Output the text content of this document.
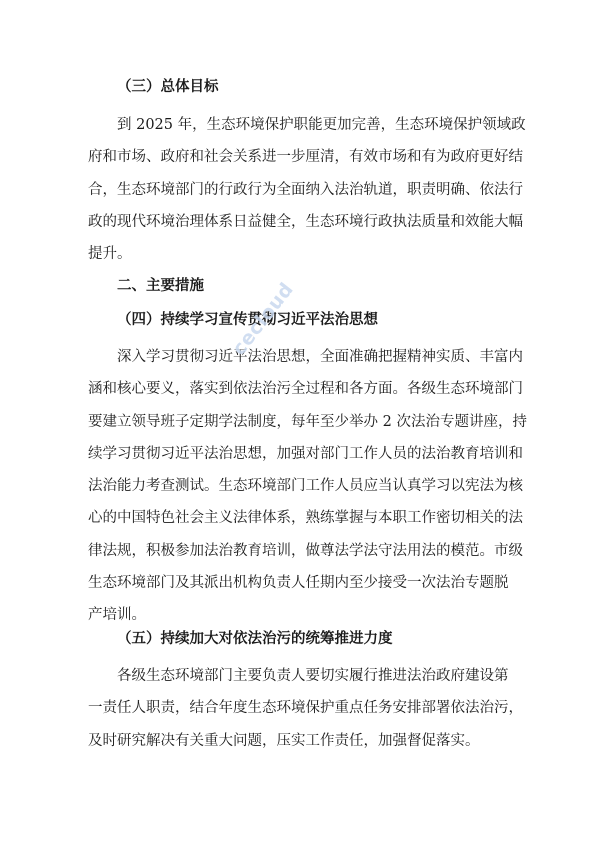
（三）总体目标
到 2025 年，生态环境保护职能更加完善，生态环境保护领域政
府和市场、政府和社会关系进一步厘清，有效市场和有为政府更好结
合，生态环境部门的行政行为全面纳入法治轨道，职责明确、依法行
政的现代环境治理体系日益健全，生态环境行政执法质量和效能大幅
提升。
二、主要措施
（四）持续学习宣传贯彻习近平法治思想
深入学习贯彻习近平法治思想，全面准确把握精神实质、丰富内
涵和核心要义，落实到依法治污全过程和各方面。各级生态环境部门
要建立领导班子定期学法制度，每年至少举办 2 次法治专题讲座，持
续学习贯彻习近平法治思想，加强对部门工作人员的法治教育培训和
法治能力考查测试。生态环境部门工作人员应当认真学习以宪法为核
心的中国特色社会主义法律体系，熟练掌握与本职工作密切相关的法
律法规，积极参加法治教育培训，做尊法学法守法用法的模范。市级
生态环境部门及其派出机构负责人任期内至少接受一次法治专题脱
产培训。
（五）持续加大对依法治污的统筹推进力度
各级生态环境部门主要负责人要切实履行推进法治政府建设第
一责任人职责，结合年度生态环境保护重点任务安排部署依法治污，
及时研究解决有关重大问题，压实工作责任，加强督促落实。
cecloud
